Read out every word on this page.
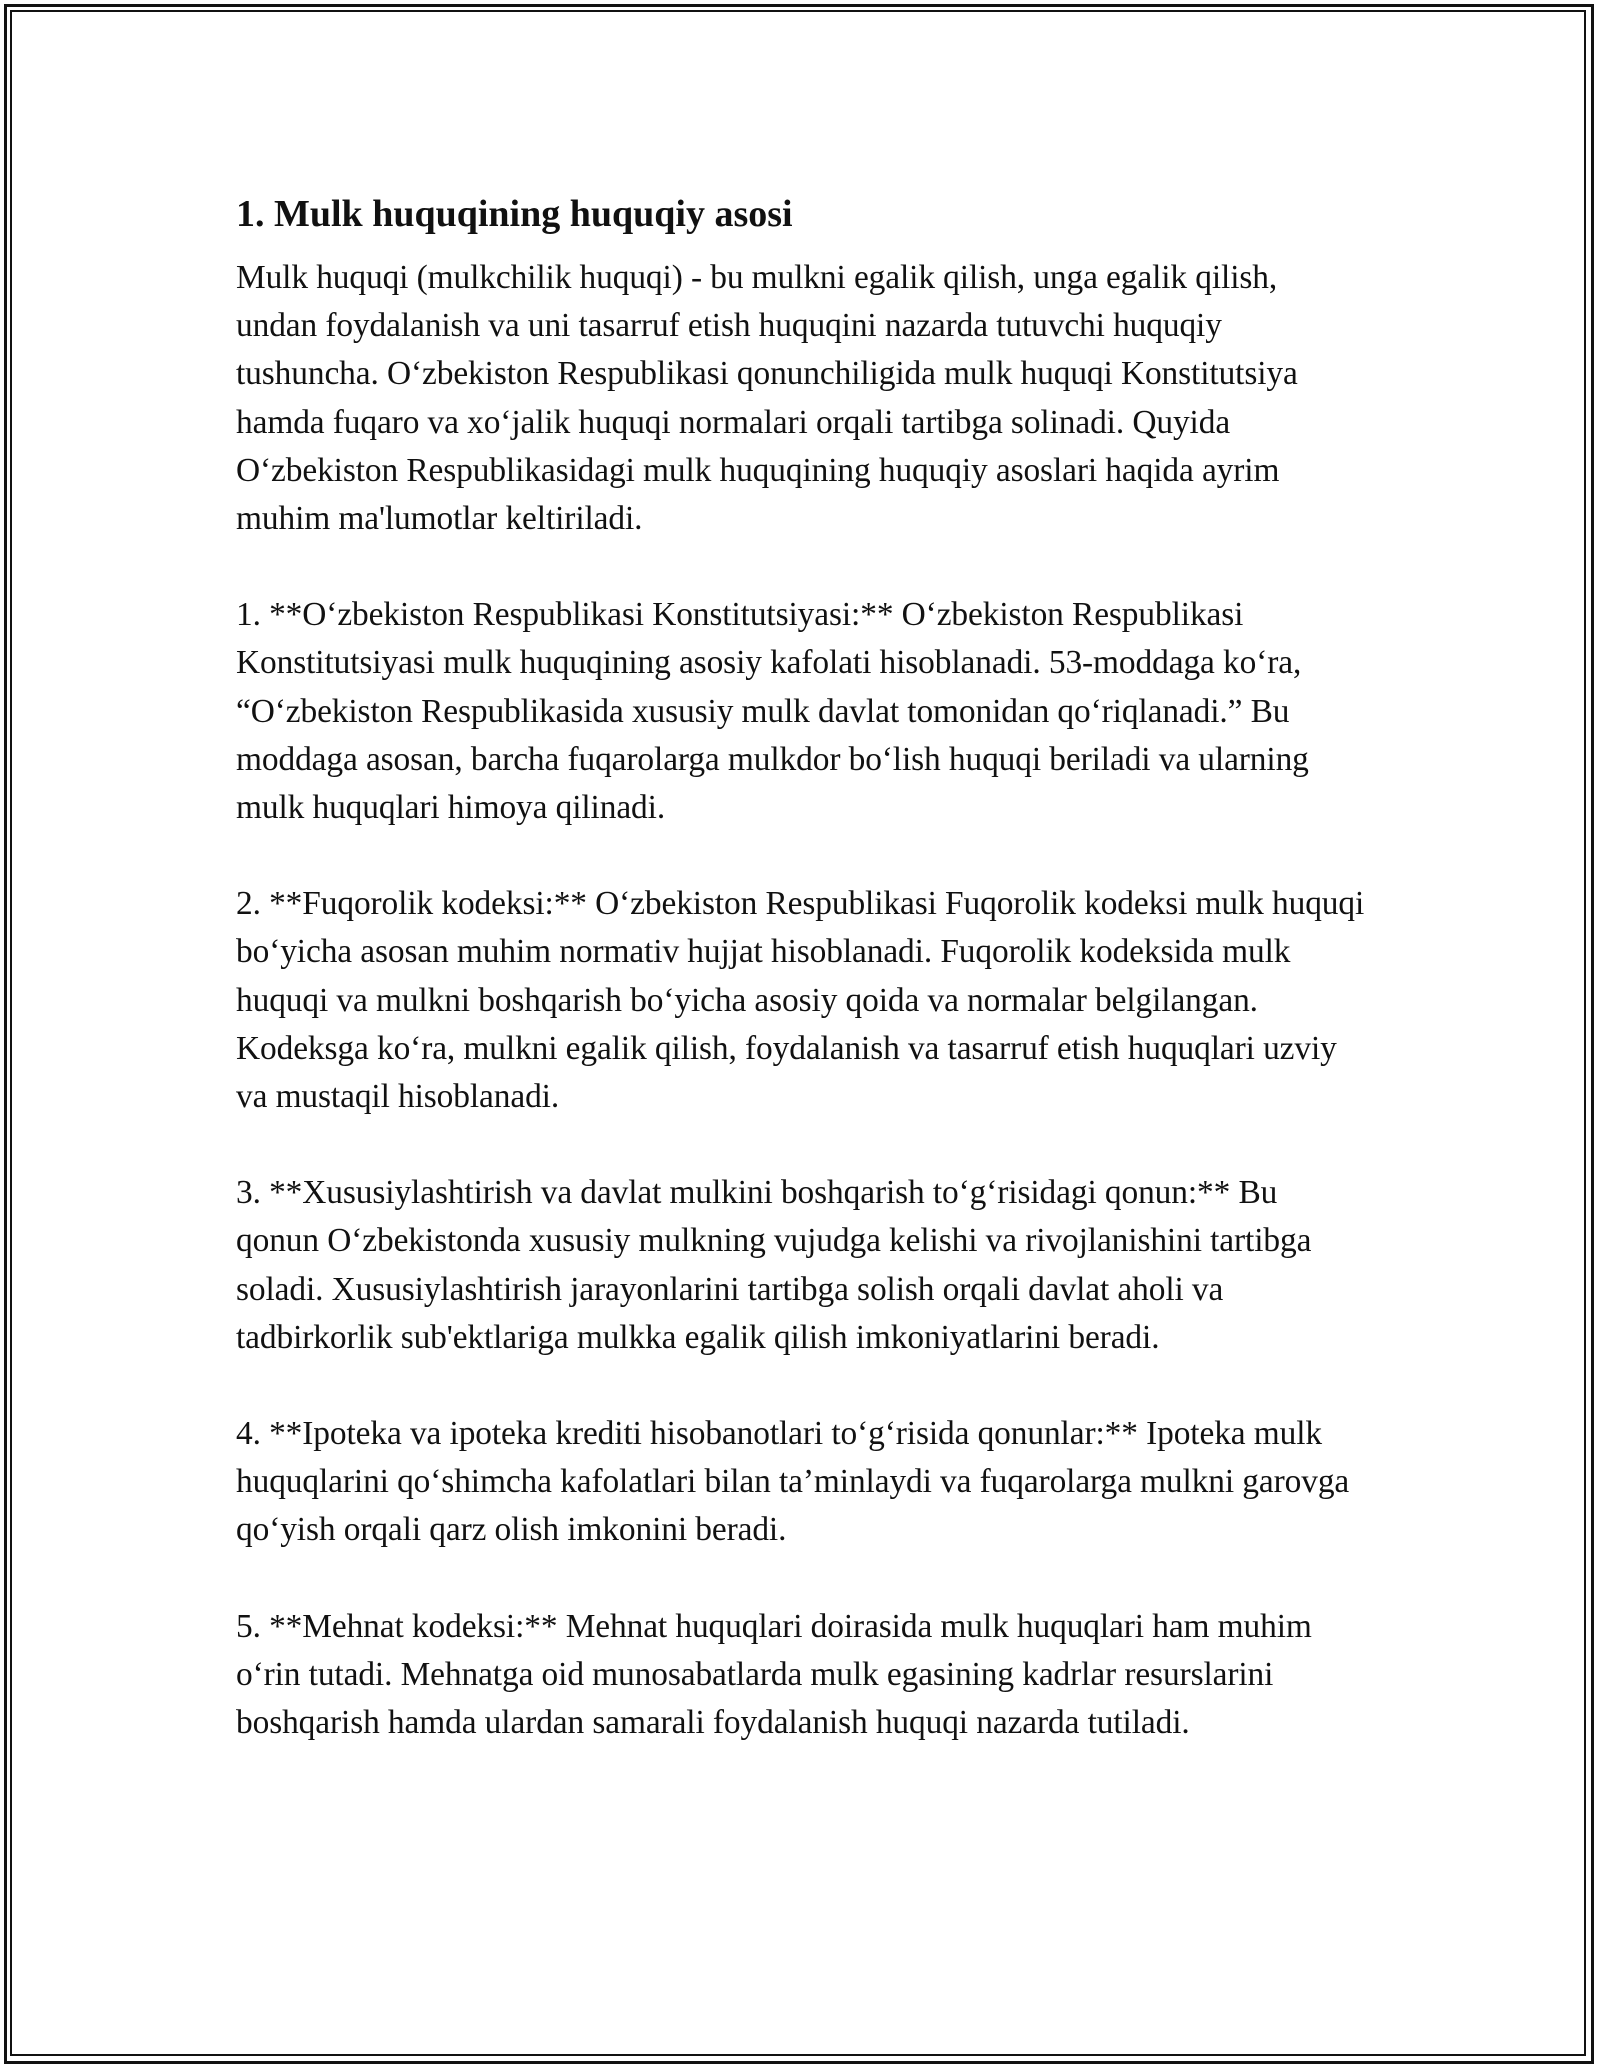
1. Mulk huquqining huquqiy asosi

Mulk huquqi (mulkchilik huquqi) - bu mulkni egalik qilish, unga egalik qilish, undan foydalanish va uni tasarruf etish huquqini nazarda tutuvchi huquqiy tushuncha. O‘zbekiston Respublikasi qonunchiligida mulk huquqi Konstitutsiya hamda fuqaro va xo‘jalik huquqi normalari orqali tartibga solinadi. Quyida O‘zbekiston Respublikasidagi mulk huquqining huquqiy asoslari haqida ayrim muhim ma'lumotlar keltiriladi.

1. **O‘zbekiston Respublikasi Konstitutsiyasi:** O‘zbekiston Respublikasi Konstitutsiyasi mulk huquqining asosiy kafolati hisoblanadi. 53-moddaga ko‘ra, “O‘zbekiston Respublikasida xususiy mulk davlat tomonidan qo‘riqlanadi.” Bu moddaga asosan, barcha fuqarolarga mulkdor bo‘lish huquqi beriladi va ularning mulk huquqlari himoya qilinadi.

2. **Fuqorolik kodeksi:** O‘zbekiston Respublikasi Fuqorolik kodeksi mulk huquqi bo‘yicha asosan muhim normativ hujjat hisoblanadi. Fuqorolik kodeksida mulk huquqi va mulkni boshqarish bo‘yicha asosiy qoida va normalar belgilangan. Kodeksga ko‘ra, mulkni egalik qilish, foydalanish va tasarruf etish huquqlari uzviy va mustaqil hisoblanadi.

3. **Xususiylashtirish va davlat mulkini boshqarish to‘g‘risidagi qonun:** Bu qonun O‘zbekistonda xususiy mulkning vujudga kelishi va rivojlanishini tartibga soladi. Xususiylashtirish jarayonlarini tartibga solish orqali davlat aholi va tadbirkorlik sub'ektlariga mulkka egalik qilish imkoniyatlarini beradi.

4. **Ipoteka va ipoteka krediti hisobanotlari to‘g‘risida qonunlar:** Ipoteka mulk huquqlarini qo‘shimcha kafolatlari bilan ta’minlaydi va fuqarolarga mulkni garovga qo‘yish orqali qarz olish imkonini beradi.

5. **Mehnat kodeksi:** Mehnat huquqlari doirasida mulk huquqlari ham muhim o‘rin tutadi. Mehnatga oid munosabatlarda mulk egasining kadrlar resurslarini boshqarish hamda ulardan samarali foydalanish huquqi nazarda tutiladi.
